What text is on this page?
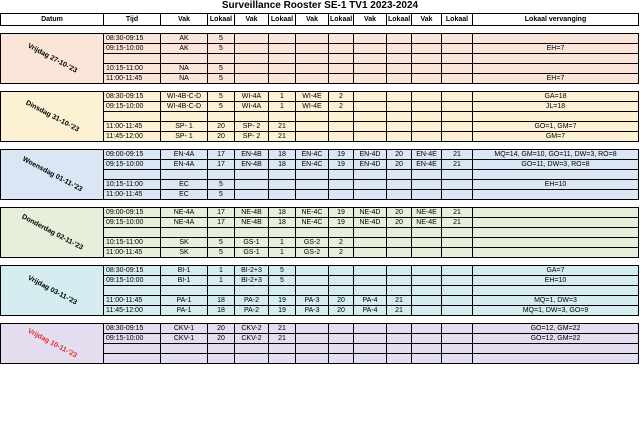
Surveillance Rooster SE-1 TV1 2023-2024
Datum	Tijd	Vak	Lokaal	Vak	Lokaal	Vak	Lokaal	Vak	Lokaal	Vak	Lokaal	Lokaal vervanging

Vrijdag 27-10-'23	08:30-09:15	AK	5									
	09:15-10:00	AK	5									EH=7

	10:15-11:00	NA	5									
	11:00-11:45	NA	5									EH=7

Dinsdag 31-10-'23	08:30-09:15	WI-4B-C-D	5	WI-4A	1	WI-4E	2					GA=18
	09:15-10:00	WI-4B-C-D	5	WI-4A	1	WI-4E	2					JL=18

	11:00-11:45	SP- 1	20	SP- 2	21							GO=1, GM=7
	11:45-12:00	SP- 1	20	SP- 2	21							GM=7

Woensdag 01-11-'23	09:00-09:15	EN-4A	17	EN-4B	18	EN-4C	19	EN-4D	20	EN-4E	21	MQ=14, GM=10, GO=11, DW=3, RO=8
	09:15-10:00	EN-4A	17	EN-4B	18	EN-4C	19	EN-4D	20	EN-4E	21	GO=11, DW=3, RO=8

	10:15-11:00	EC	5									EH=10
	11:00-11:45	EC	5									

Donderdag 02-11-'23	09:00-09:15	NE-4A	17	NE-4B	18	NE-4C	19	NE-4D	20	NE-4E	21	
	09:15-10:00	NE-4A	17	NE-4B	18	NE-4C	19	NE-4D	20	NE-4E	21	

	10:15-11:00	SK	5	GS-1	1	GS-2	2					
	11:00-11:45	SK	5	GS-1	1	GS-2	2					

Vrijdag 03-11-'23	08:30-09:15	BI-1	1	BI-2+3	5							GA=7
	09:15-10:00	BI-1	1	BI-2+3	5							EH=10

	11:00-11:45	PA-1	18	PA-2	19	PA-3	20	PA-4	21			MQ=1, DW=3
	11:45-12:00	PA-1	18	PA-2	19	PA-3	20	PA-4	21			MQ=1, DW=3, GO=9

Vrijdag 10-11-'23	08:30-09:15	CKV-1	20	CKV-2	21							GO=12, GM=22
	09:15-10:00	CKV-1	20	CKV-2	21							GO=12, GM=22
